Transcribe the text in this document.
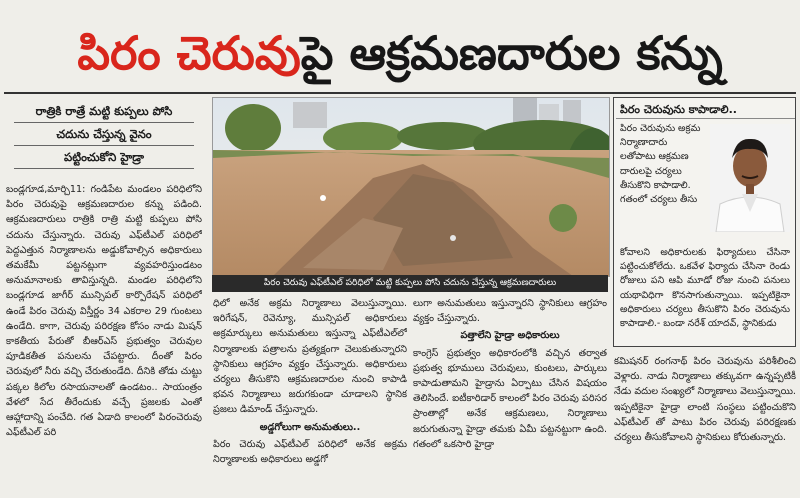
పిరం చెరువుపై ఆక్రమణదారుల కన్ను
రాత్రికి రాత్రే మట్టి కుప్పలు పోసి
చదును చేస్తున్న వైనం
పట్టించుకోని హైడ్రా

బండ్లగూడ,మార్చి11: గండిపేట మండలం పరిధిలోని పిరం చెరువుపై ఆక్రమణదారుల కన్ను పడింది. ఆక్రమణదారులు రాత్రికి రాత్రి మట్టి కుప్పలు పోసి చదును చేస్తున్నారు. చెరువు ఎఫ్‌టీఎల్ పరిధిలో పెద్దఎత్తున నిర్మాణాలను అడ్డుకోవాల్సిన అధికారులు తమకేమీ పట్టనట్లుగా వ్యవహరిస్తుండటం అనుమానాలకు తావిస్తున్నది. మండల పరిధిలోని బండ్లగూడ జాగీర్ మున్సిపల్ కార్పొరేషన్ పరిధిలో ఉండే పిరం చెరువు విస్తీర్ణం 34 ఎకరాల 29 గుంటలు ఉండేది. కాగా, చెరువు పరిరక్షణ కోసం నాడు మిషన్ కాకతీయ పేరుతో బీఆర్ఎస్ ప్రభుత్వం చెరువుల పూడికతీత పనులను చేపట్టారు. దీంతో పిరం చెరువులో నీరు వచ్చి చేరుతుండేది. దీనికి తోడు చుట్టు పక్కల కిలోల రసాయనాలతో ఉండటం.. సాయంత్రం వేళలో సేద తీరేందుకు వచ్చే ప్రజలకు ఎంతో ఆహ్లాదాన్ని పంచేది. గత ఏడాది కాలంలో పిరంచెరువు ఎఫ్‌టీఎల్ పరి

పిరం చెరువు ఎఫ్‌టీఎల్ పరిధిలో మట్టి కుప్పలు పోసి చదును చేస్తున్న ఆక్రమణదారులు

ధిలో అనేక అక్రమ నిర్మాణాలు వెలుస్తున్నాయి. ఇరిగేషన్, రెవెన్యూ, మున్సిపల్ అధికారులు అక్రమార్కులు అనుమతులు ఇస్తున్నా ఎఫ్‌టీఎల్‌లో నిర్మాణాలకు పత్రాలను ప్రత్యక్షంగా చెలుకుతున్నారని స్థానికులు ఆగ్రహం వ్యక్తం చేస్తున్నారు. అధికారులు చర్యలు తీసుకొని ఆక్రమణదారుల నుంచి కాపాడి భవన నిర్మాణాలు జరుగకుండా చూడాలని స్థానిక ప్రజలు డిమాండ్ చేస్తున్నారు.

అడ్డగోలుగా అనుమతులు..

పిరం చెరువు ఎఫ్‌టీఎల్ పరిధిలో అనేక అక్రమ నిర్మాణాలకు అధికారులు అడ్డగో

లుగా అనుమతులు ఇస్తున్నారని స్థానికులు ఆగ్రహం వ్యక్తం చేస్తున్నారు.

పత్తాలేని హైడ్రా అధికారులు

కాంగ్రెస్ ప్రభుత్వం అధికారంలోకి వచ్చిన తర్వాత ప్రభుత్వ భూములు చెరువులు, కుంటలు, పార్కులు కాపాడుతామని హైడ్రాను ఏర్పాటు చేసిన విషయం తెలిసిందే. ఐటీకారిడార్ కాలంలో పిరం చెరువు పరిసర ప్రాంతాల్లో అనేక ఆక్రమణలు, నిర్మాణాలు జరుగుతున్నా హైడ్రా తమకు ఏమీ పట్టనట్టుగా ఉంది. గతంలో ఒకసారి హైడ్రా

పిరం చెరువును కాపాడాలి..
పిరం చెరువును అక్రమ నిర్మాణాదారు లతోపాటు ఆక్రమణ దారులపై చర్యలు తీసుకొని కాపాడాలి. గతంలో చర్యలు తీసు
కోవాలని అధికారులకు ఫిర్యాదులు చేసినా పట్టించుకోలేదు. ఒకవేళ ఫిర్యాదు చేసినా రెండు రోజులు పని ఆపి మూడో రోజు నుంచి పనులు యథావిధిగా కొనసాగుతున్నాయి. ఇప్పటికైనా అధికారులు చర్యలు తీసుకొని పిరం చెరువును కాపాడాలి.- బండా నరేశ్ యాదవ్, స్థానికుడు

కమిషనర్ రంగనాథ్ పిరం చెరువును పరిశీలించి వెళ్లారు. నాడు నిర్మాణాలు తక్కువగా ఉన్నప్పటికీ నేడు వదుల సంఖ్యలో నిర్మాణాలు వెలుస్తున్నాయి. ఇప్పటికైనా హైడ్రా లాంటి సంస్థలు పట్టించుకొని ఎఫ్‌టీఎల్ తో పాటు పిరం చెరువు పరిరక్షణకు చర్యలు తీసుకోవాలని స్థానికులు కోరుతున్నారు.
